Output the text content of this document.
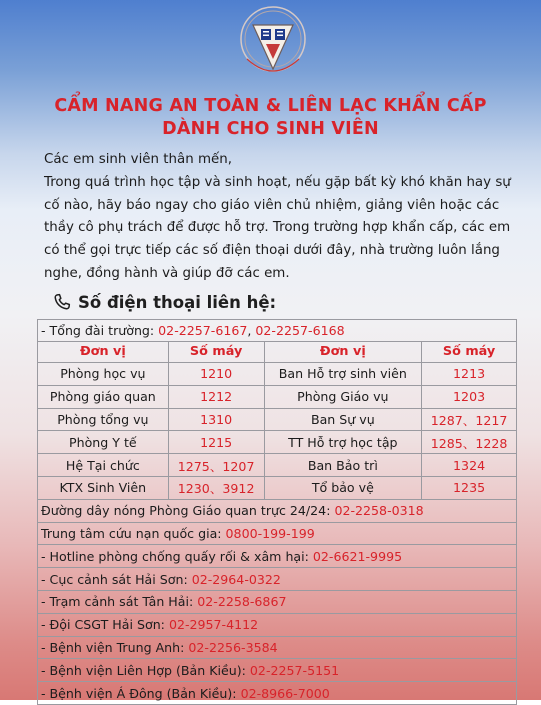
CẨM NANG AN TOÀN & LIÊN LẠC KHẨN CẤP
DÀNH CHO SINH VIÊN

Các em sinh viên thân mến,

Trong quá trình học tập và sinh hoạt, nếu gặp bất kỳ khó khăn hay sự cố nào, hãy báo ngay cho giáo viên chủ nhiệm, giảng viên hoặc các thầy cô phụ trách để được hỗ trợ. Trong trường hợp khẩn cấp, các em có thể gọi trực tiếp các số điện thoại dưới đây, nhà trường luôn lắng nghe, đồng hành và giúp đỡ các em.

Số điện thoại liên hệ:
- Tổng đài trường: 02-2257-6167, 02-2257-6168			
Đơn vị	Số máy	Đơn vị	Số máy
Phòng học vụ	1210	Ban Hỗ trợ sinh viên	1213
Phòng giáo quan	1212	Phòng Giáo vụ	1203
Phòng tổng vụ	1310	Ban Sự vụ	1287、1217
Phòng Y tế	1215	TT Hỗ trợ học tập	1285、1228
Hệ Tại chức	1275、1207	Ban Bảo trì	1324
KTX Sinh Viên	1230、3912	Tổ bảo vệ	1235
Đường dây nóng Phòng Giáo quan trực 24/24: 02-2258-0318			
Trung tâm cứu nạn quốc gia: 0800-199-199			
- Hotline phòng chống quấy rối & xâm hại: 02-6621-9995			
- Cục cảnh sát Hải Sơn: 02-2964-0322			
- Trạm cảnh sát Tân Hải: 02-2258-6867			
- Đội CSGT Hải Sơn: 02-2957-4112			
- Bệnh viện Trung Anh: 02-2256-3584			
- Bệnh viện Liên Hợp (Bản Kiều): 02-2257-5151			
- Bệnh viện Á Đông (Bản Kiều): 02-8966-7000			
